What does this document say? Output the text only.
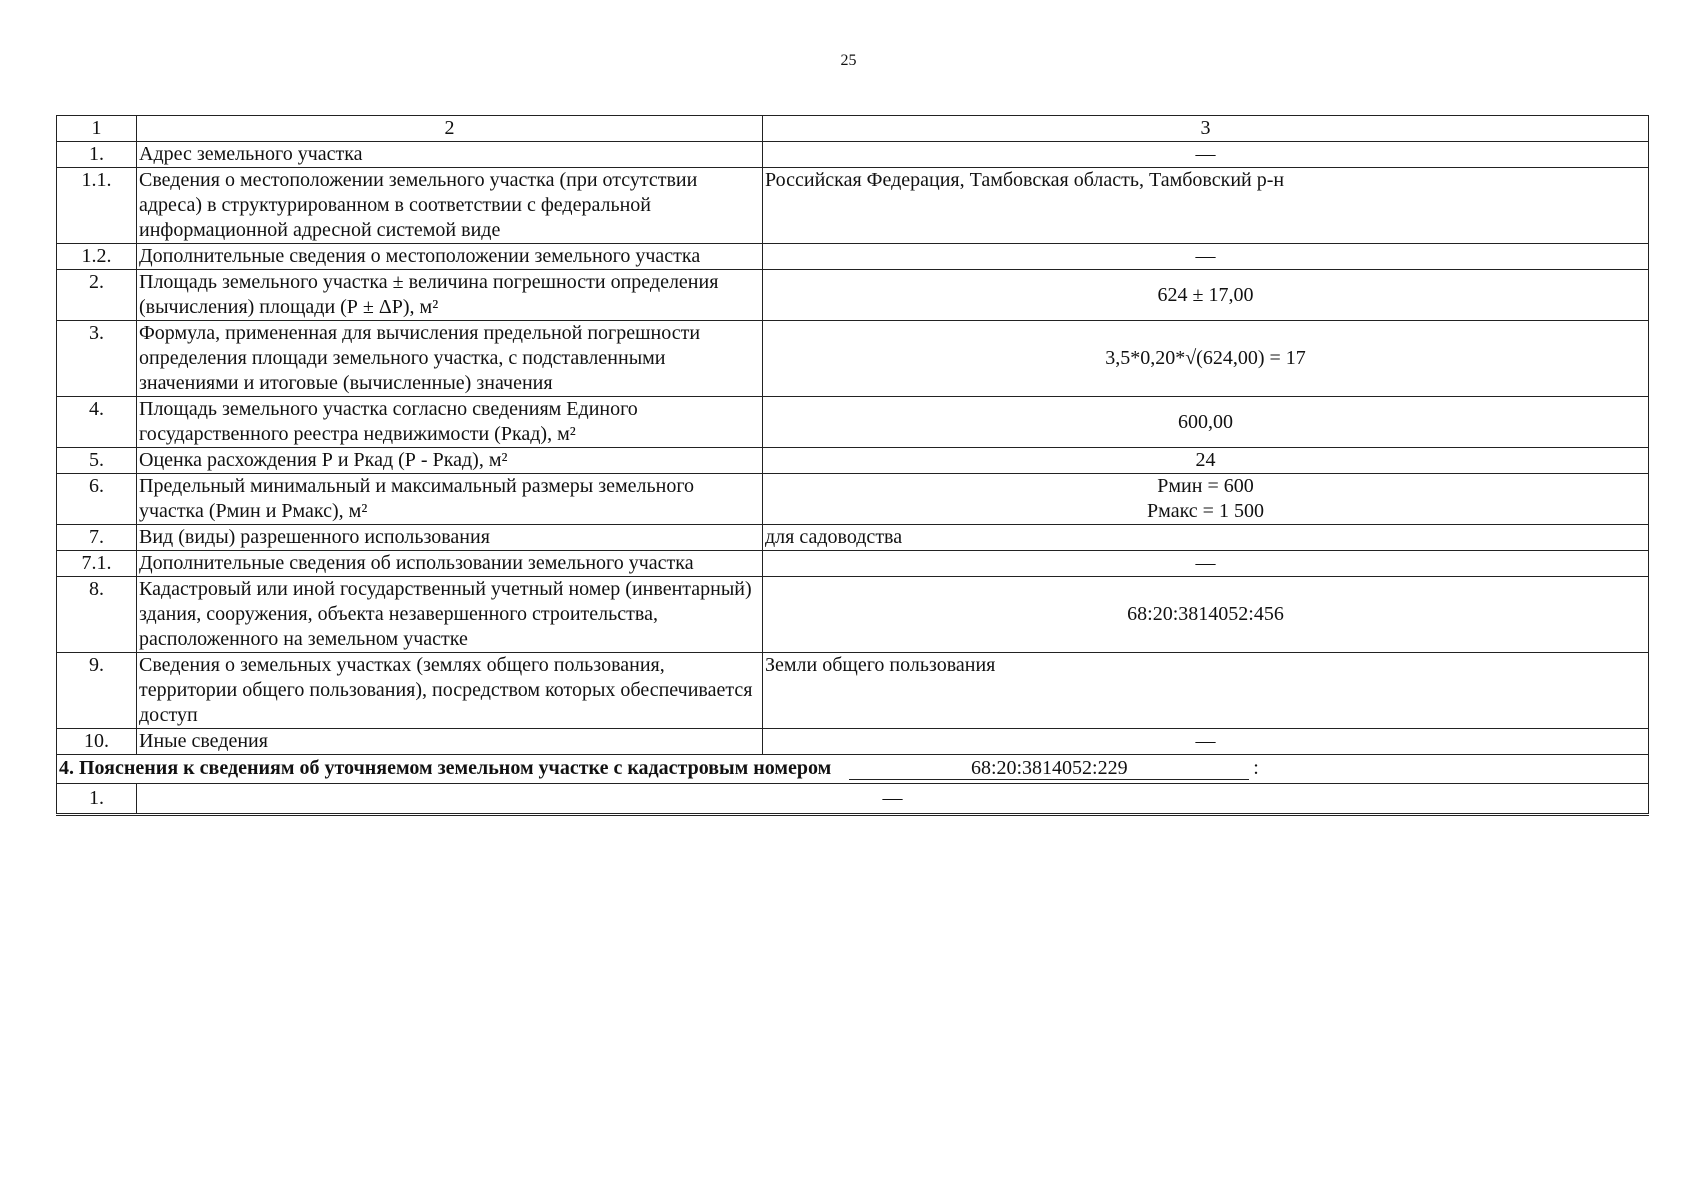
25
1	2	3
1.	Адрес земельного участка	—
1.1.	Сведения о местоположении земельного участка (при отсутствии адреса) в структурированном в соответствии с федеральной информационной адресной системой виде	Российская Федерация, Тамбовская область, Тамбовский р-н
1.2.	Дополнительные сведения о местоположении земельного участка	—
2.	Площадь земельного участка ± величина погрешности определения (вычисления) площади (Р ± ΔР), м²	624 ± 17,00
3.	Формула, примененная для вычисления предельной погрешности определения площади земельного участка, с подставленными значениями и итоговые (вычисленные) значения	3,5*0,20*√(624,00) = 17
4.	Площадь земельного участка согласно сведениям Единого государственного реестра недвижимости (Ркад), м²	600,00
5.	Оценка расхождения Р и Ркад (Р - Ркад), м²	24
6.	Предельный минимальный и максимальный размеры земельного участка (Рмин и Рмакс), м²	Рмин = 600
Рмакс = 1 500

7.	Вид (виды) разрешенного использования	для садоводства
7.1.	Дополнительные сведения об использовании земельного участка	—
8.	Кадастровый или иной государственный учетный номер (инвентарный) здания, сооружения, объекта незавершенного строительства, расположенного на земельном участке	68:20:3814052:456
9.	Сведения о земельных участках (землях общего пользования, территории общего пользования), посредством которых обеспечивается доступ	Земли общего пользования
10.	Иные сведения	—
4. Пояснения к сведениям об уточняемом земельном участке с кадастровым номером 68:20:3814052:229 :		
1.	—	
